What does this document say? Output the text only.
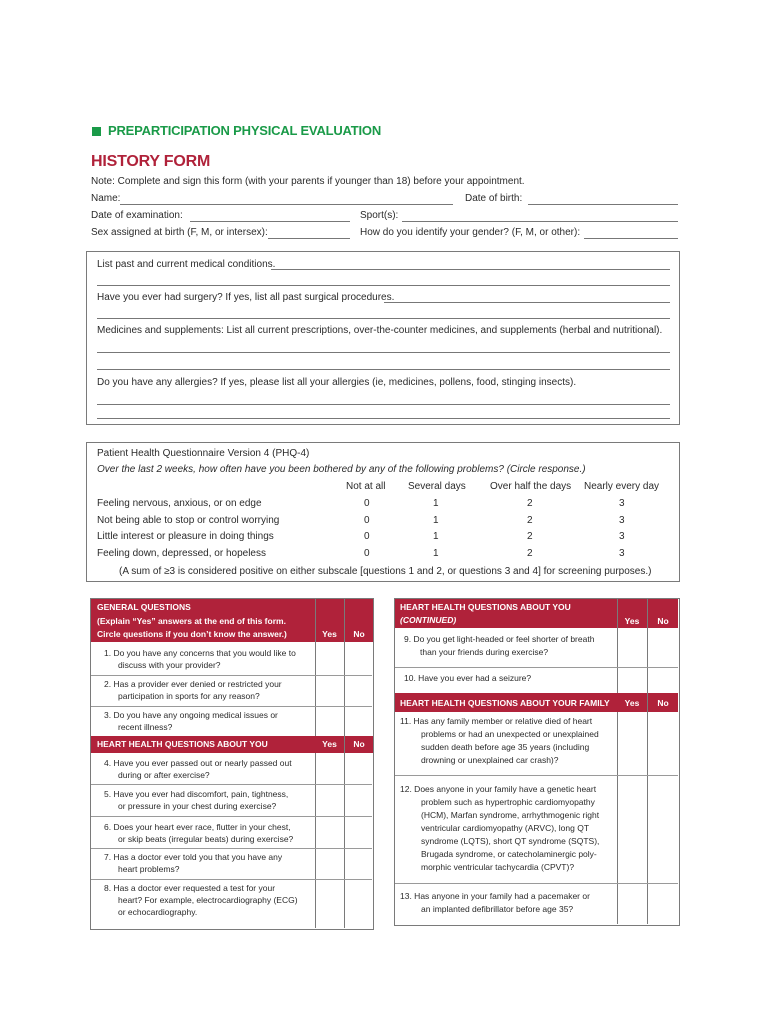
PREPARTICIPATION PHYSICAL EVALUATION
HISTORY FORM
Note: Complete and sign this form (with your parents if younger than 18) before your appointment.
Name:	Date of birth:
Date of examination:	Sport(s):
Sex assigned at birth (F, M, or intersex):	How do you identify your gender? (F, M, or other):
List past and current medical conditions.
Have you ever had surgery? If yes, list all past surgical procedures.
Medicines and supplements: List all current prescriptions, over-the-counter medicines, and supplements (herbal and nutritional).
Do you have any allergies? If yes, please list all your allergies (ie, medicines, pollens, food, stinging insects).
Patient Health Questionnaire Version 4 (PHQ-4)
Over the last 2 weeks, how often have you been bothered by any of the following problems? (Circle response.)
Not at all Several days Over half the days Nearly every day
Feeling nervous, anxious, or on edge	0	1	2	3
Not being able to stop or control worrying	0	1	2	3
Little interest or pleasure in doing things	0	1	2	3
Feeling down, depressed, or hopeless	0	1	2	3
(A sum of ≥3 is considered positive on either subscale [questions 1 and 2, or questions 3 and 4] for screening purposes.)
GENERAL QUESTIONS
(Explain “Yes” answers at the end of this form.
Circle questions if you don’t know the answer.)	Yes	No
1. Do you have any concerns that you would like to
discuss with your provider?
2. Has a provider ever denied or restricted your
participation in sports for any reason?
3. Do you have any ongoing medical issues or
recent illness?
HEART HEALTH QUESTIONS ABOUT YOU	Yes	No
4. Have you ever passed out or nearly passed out
during or after exercise?
5. Have you ever had discomfort, pain, tightness,
or pressure in your chest during exercise?
6. Does your heart ever race, flutter in your chest,
or skip beats (irregular beats) during exercise?
7. Has a doctor ever told you that you have any
heart problems?
8. Has a doctor ever requested a test for your
heart? For example, electrocardiography (ECG)
or echocardiography.
HEART HEALTH QUESTIONS ABOUT YOU
(CONTINUED)	Yes	No
9. Do you get light-headed or feel shorter of breath
than your friends during exercise?
10. Have you ever had a seizure?
HEART HEALTH QUESTIONS ABOUT YOUR FAMILY	Yes	No
11. Has any family member or relative died of heart
problems or had an unexpected or unexplained
sudden death before age 35 years (including
drowning or unexplained car crash)?
12. Does anyone in your family have a genetic heart
problem such as hypertrophic cardiomyopathy
(HCM), Marfan syndrome, arrhythmogenic right
ventricular cardiomyopathy (ARVC), long QT
syndrome (LQTS), short QT syndrome (SQTS),
Brugada syndrome, or catecholaminergic poly-
morphic ventricular tachycardia (CPVT)?
13. Has anyone in your family had a pacemaker or
an implanted defibrillator before age 35?
